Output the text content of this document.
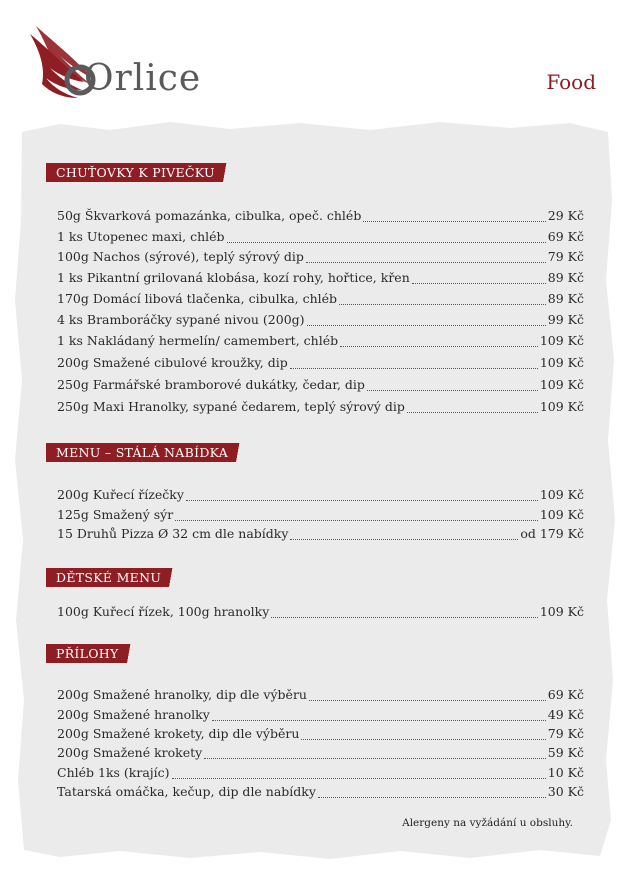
Orlice	Food
CHUŤOVKY K PIVEČKU
50g Škvarková pomazánka, cibulka, opeč. chléb	29 Kč
1 ks Utopenec maxi, chléb	69 Kč
100g Nachos (sýrové), teplý sýrový dip	79 Kč
1 ks Pikantní grilovaná klobása, kozí rohy, hořtice, křen	89 Kč
170g Domácí libová tlačenka, cibulka, chléb	89 Kč
4 ks Bramboráčky sypané nivou (200g)	99 Kč
1 ks Nakládaný hermelín/ camembert, chléb	109 Kč
200g Smažené cibulové kroužky, dip	109 Kč
250g Farmářské bramborové dukátky, čedar, dip	109 Kč
250g Maxi Hranolky, sypané čedarem, teplý sýrový dip	109 Kč
MENU – STÁLÁ NABÍDKA
200g Kuřecí řízečky	109 Kč
125g Smažený sýr	109 Kč
15 Druhů Pizza Ø 32 cm dle nabídky	od 179 Kč
DĚTSKÉ MENU
100g Kuřecí řízek, 100g hranolky	109 Kč
PŘÍLOHY
200g Smažené hranolky, dip dle výběru	69 Kč
200g Smažené hranolky	49 Kč
200g Smažené krokety, dip dle výběru	79 Kč
200g Smažené krokety	59 Kč
Chléb 1ks (krajíc)	10 Kč
Tatarská omáčka, kečup, dip dle nabídky	30 Kč
Alergeny na vyžádání u obsluhy.
